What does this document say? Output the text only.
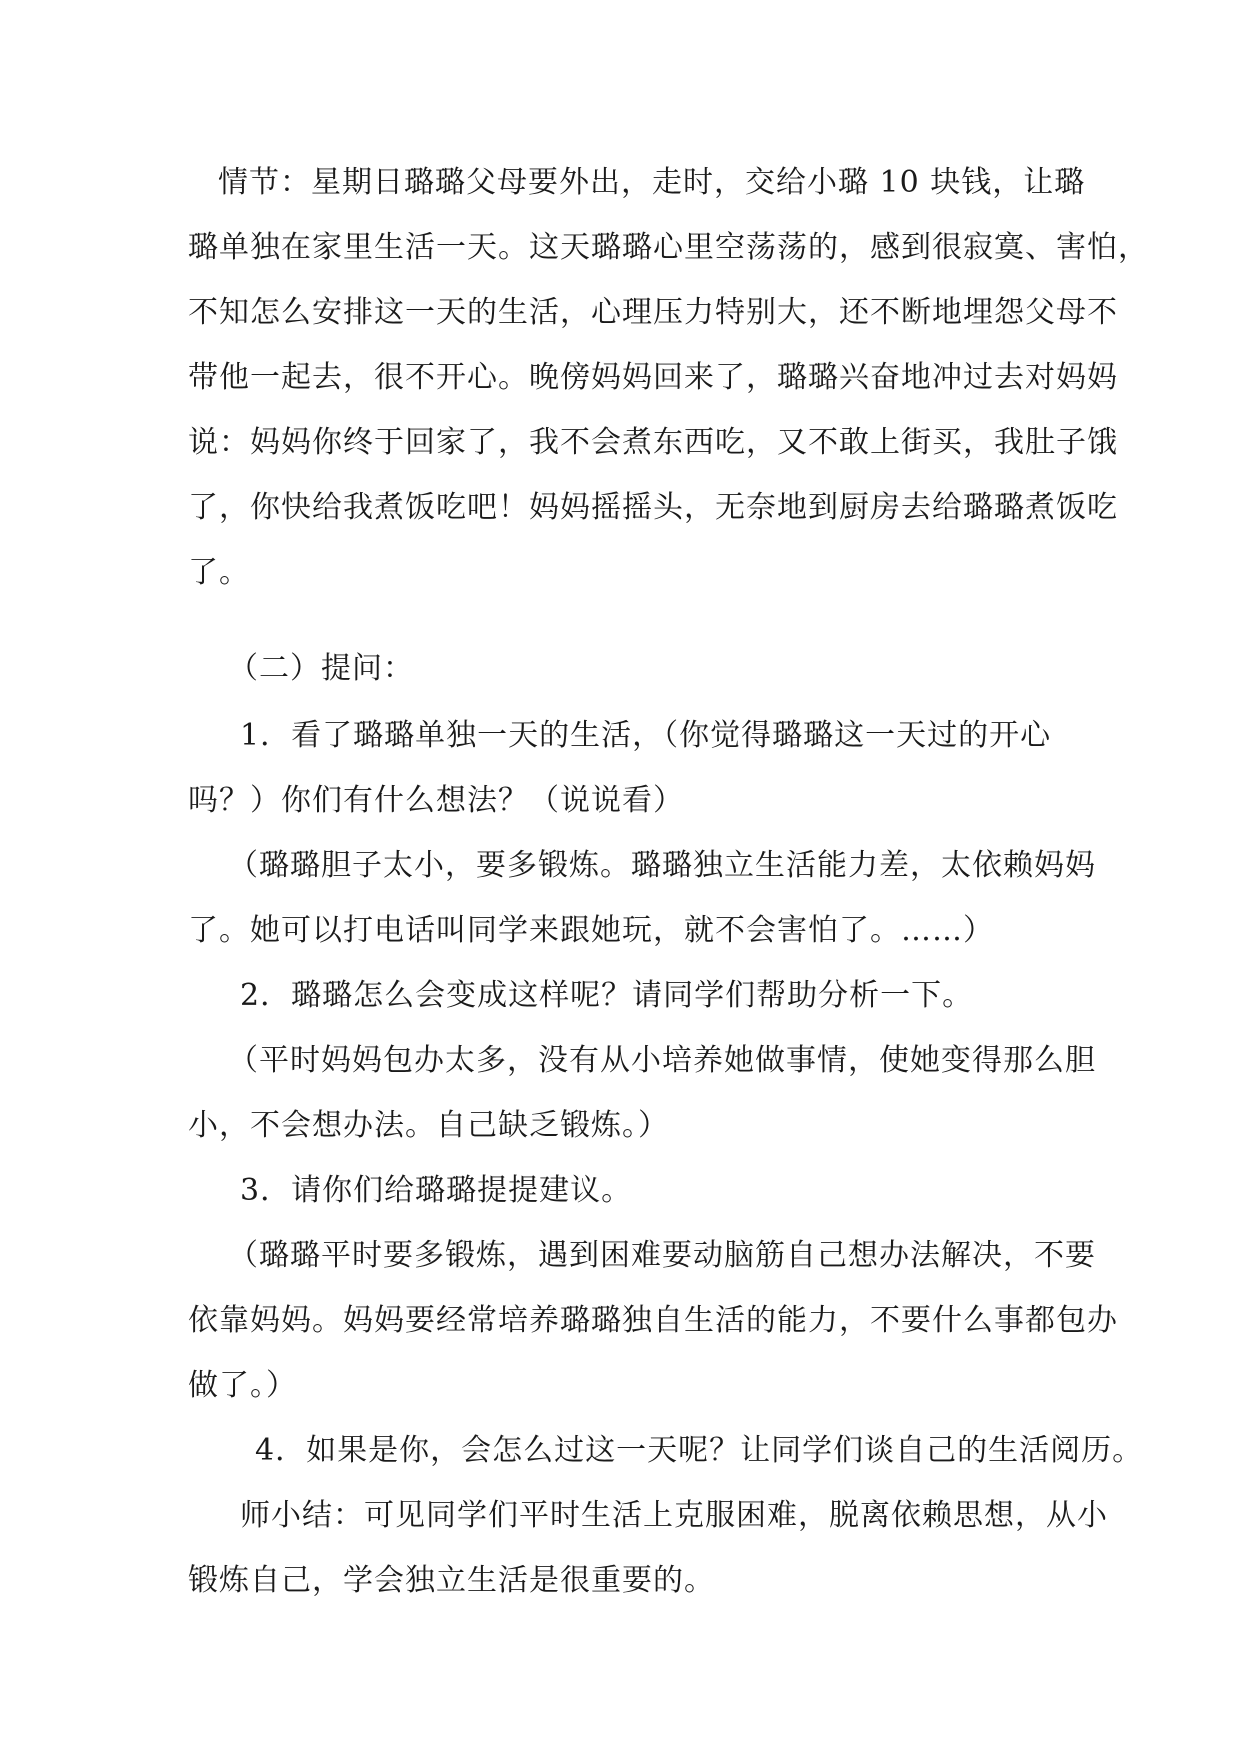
情节：星期日璐璐父母要外出，走时，交给小璐 10 块钱，让璐
璐单独在家里生活一天。这天璐璐心里空荡荡的，感到很寂寞、害怕，
不知怎么安排这一天的生活，心理压力特别大，还不断地埋怨父母不
带他一起去，很不开心。晚傍妈妈回来了，璐璐兴奋地冲过去对妈妈
说：妈妈你终于回家了，我不会煮东西吃，又不敢上街买，我肚子饿
了，你快给我煮饭吃吧！妈妈摇摇头，无奈地到厨房去给璐璐煮饭吃
了。
（二）提问：
1．看了璐璐单独一天的生活，（你觉得璐璐这一天过的开心
吗？）你们有什么想法？（说说看）
（璐璐胆子太小，要多锻炼。璐璐独立生活能力差，太依赖妈妈
了。她可以打电话叫同学来跟她玩，就不会害怕了。……）
2．璐璐怎么会变成这样呢？请同学们帮助分析一下。
（平时妈妈包办太多，没有从小培养她做事情，使她变得那么胆
小，不会想办法。自己缺乏锻炼。）
3．请你们给璐璐提提建议。
（璐璐平时要多锻炼，遇到困难要动脑筋自己想办法解决，不要
依靠妈妈。妈妈要经常培养璐璐独自生活的能力，不要什么事都包办
做了。）
4．如果是你，会怎么过这一天呢？让同学们谈自己的生活阅历。
师小结：可见同学们平时生活上克服困难，脱离依赖思想，从小
锻炼自己，学会独立生活是很重要的。
